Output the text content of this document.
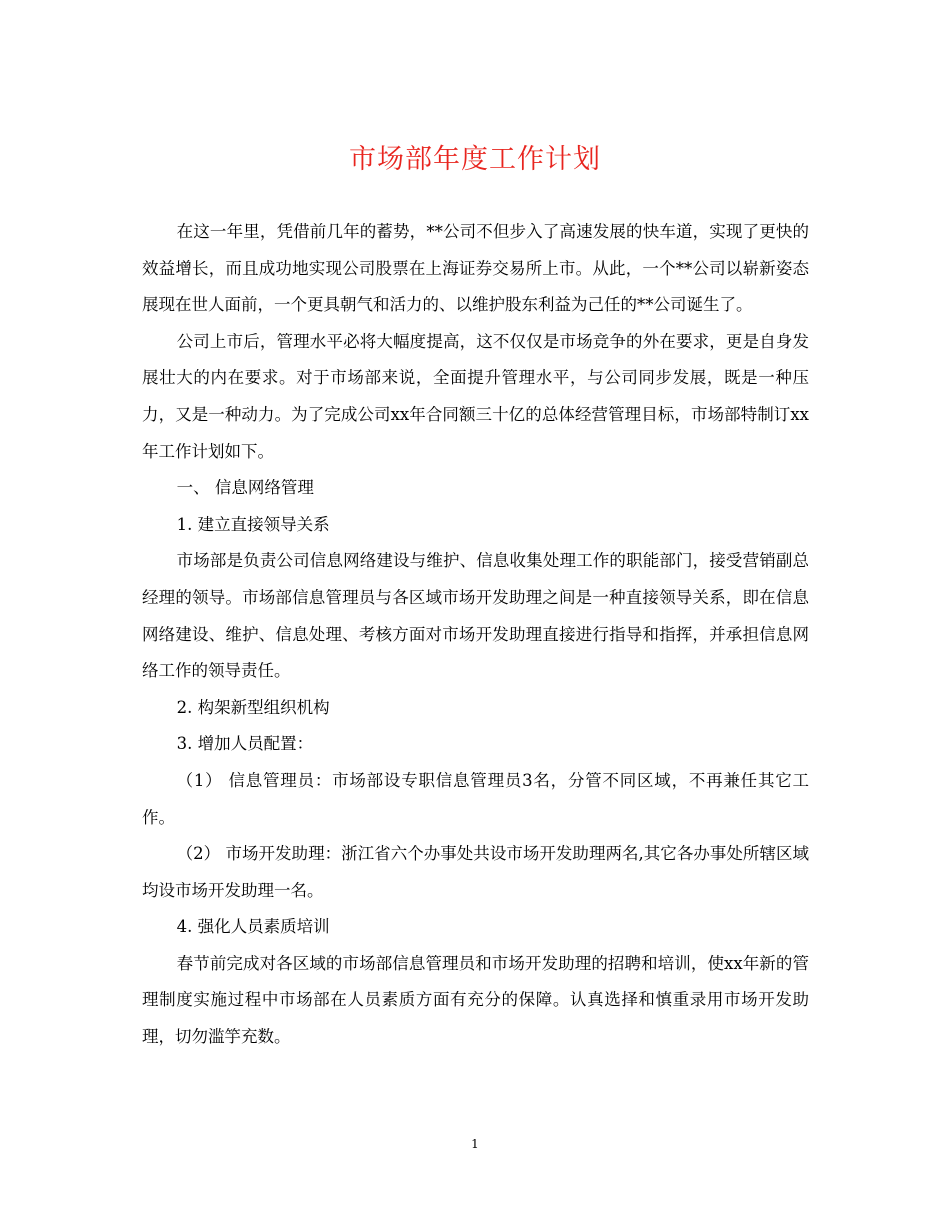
市场部年度工作计划

在这一年里，凭借前几年的蓄势，**公司不但步入了高速发展的快车道，实现了更快的效益增长，而且成功地实现公司股票在上海证券交易所上市。从此，一个**公司以崭新姿态展现在世人面前，一个更具朝气和活力的、以维护股东利益为己任的**公司诞生了。

公司上市后，管理水平必将大幅度提高，这不仅仅是市场竞争的外在要求，更是自身发展壮大的内在要求。对于市场部来说，全面提升管理水平，与公司同步发展，既是一种压力，又是一种动力。为了完成公司xx年合同额三十亿的总体经营管理目标，市场部特制订xx年工作计划如下。

一、 信息网络管理

1. 建立直接领导关系

市场部是负责公司信息网络建设与维护、信息收集处理工作的职能部门，接受营销副总经理的领导。市场部信息管理员与各区域市场开发助理之间是一种直接领导关系，即在信息网络建设、维护、信息处理、考核方面对市场开发助理直接进行指导和指挥，并承担信息网络工作的领导责任。

2. 构架新型组织机构

3. 增加人员配置：

（1） 信息管理员：市场部设专职信息管理员3名，分管不同区域，不再兼任其它工作。

（2） 市场开发助理：浙江省六个办事处共设市场开发助理两名,其它各办事处所辖区域均设市场开发助理一名。

4. 强化人员素质培训

春节前完成对各区域的市场部信息管理员和市场开发助理的招聘和培训，使xx年新的管理制度实施过程中市场部在人员素质方面有充分的保障。认真选择和慎重录用市场开发助理，切勿滥竽充数。

1
